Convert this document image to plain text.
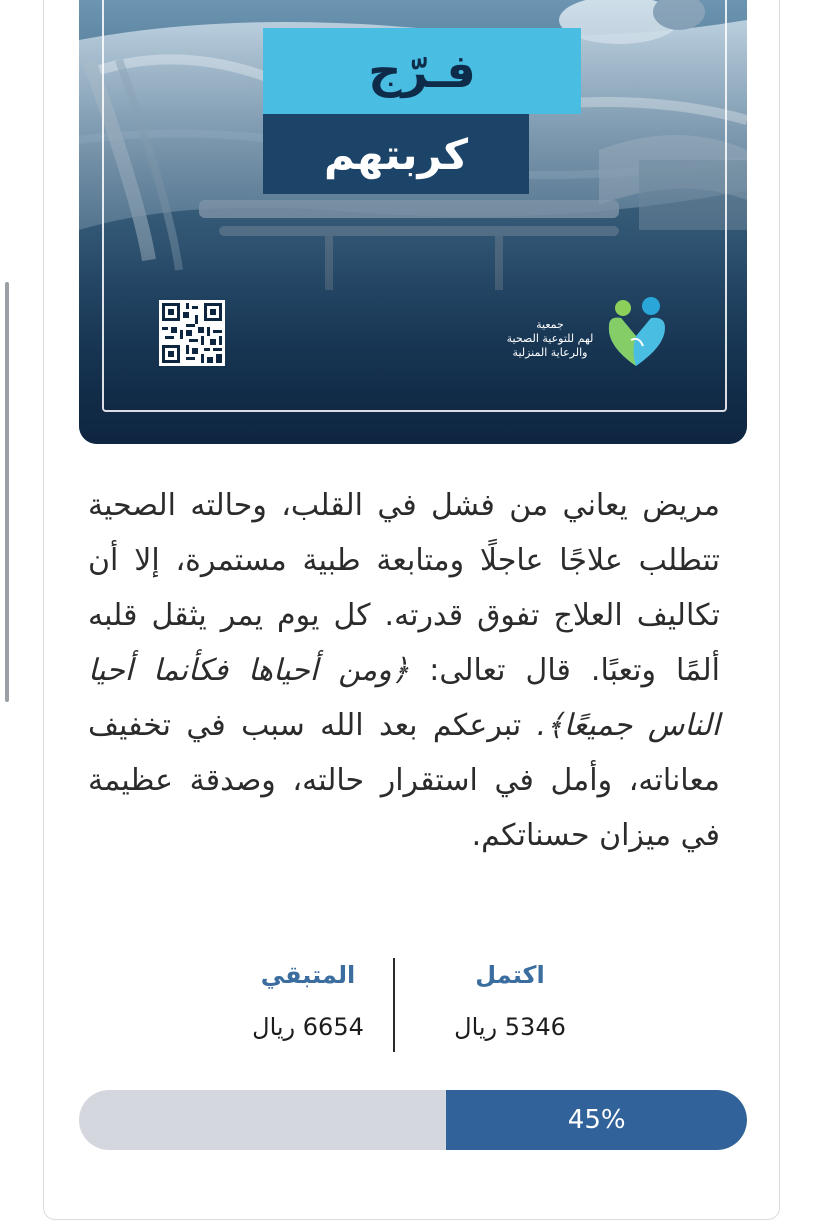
فـرّج
كربتهم
جمعية
لهم للتوعية الصحية
والرعاية المنزلية

مريض يعاني من فشل في القلب، وحالته الصحية تتطلب علاجًا عاجلًا ومتابعة طبية مستمرة، إلا أن تكاليف العلاج تفوق قدرته. كل يوم يمر يثقل قلبه ألمًا وتعبًا. قال تعالى: ﴿ومن أحياها فكأنما أحيا الناس جميعًا﴾. تبرعكم بعد الله سبب في تخفيف معاناته، وأمل في استقرار حالته، وصدقة عظيمة في ميزان حسناتكم.

اكتمل
5346 ريال
المتبقي
6654 ريال
45%
